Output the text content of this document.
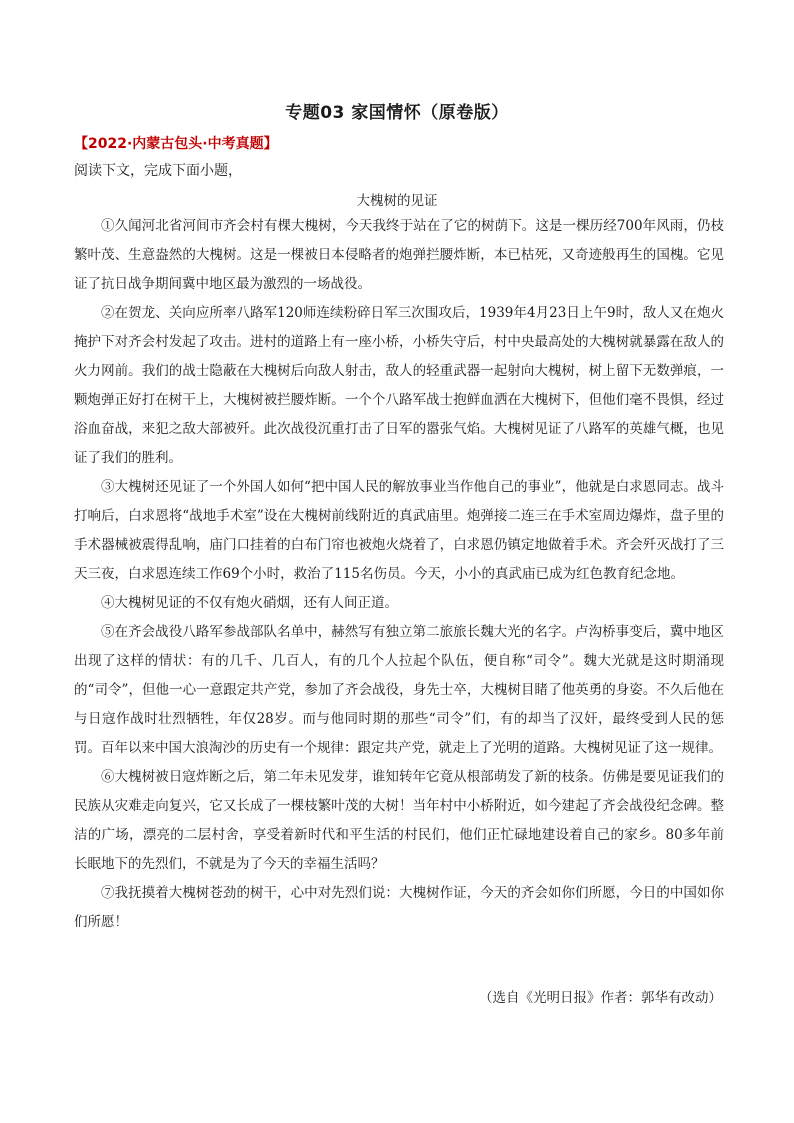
专题03 家国情怀（原卷版）
【2022·内蒙古包头·中考真题】
阅读下文，完成下面小题，
大槐树的见证

①久闻河北省河间市齐会村有棵大槐树，今天我终于站在了它的树荫下。这是一棵历经700年风雨，仍枝繁叶茂、生意盎然的大槐树。这是一棵被日本侵略者的炮弹拦腰炸断，本已枯死，又奇迹般再生的国槐。它见证了抗日战争期间冀中地区最为激烈的一场战役。

②在贺龙、关向应所率八路军120师连续粉碎日军三次围攻后，1939年4月23日上午9时，敌人又在炮火掩护下对齐会村发起了攻击。进村的道路上有一座小桥，小桥失守后，村中央最高处的大槐树就暴露在敌人的火力网前。我们的战士隐蔽在大槐树后向敌人射击，敌人的轻重武器一起射向大槐树，树上留下无数弹痕，一颗炮弹正好打在树干上，大槐树被拦腰炸断。一个个八路军战士抱鲜血洒在大槐树下，但他们毫不畏惧，经过浴血奋战，来犯之敌大部被歼。此次战役沉重打击了日军的嚣张气焰。大槐树见证了八路军的英雄气概，也见证了我们的胜利。

③大槐树还见证了一个外国人如何“把中国人民的解放事业当作他自己的事业”，他就是白求恩同志。战斗打响后，白求恩将“战地手术室”设在大槐树前线附近的真武庙里。炮弹接二连三在手术室周边爆炸，盘子里的手术器械被震得乱响，庙门口挂着的白布门帘也被炮火烧着了，白求恩仍镇定地做着手术。齐会歼灭战打了三天三夜，白求恩连续工作69个小时，救治了115名伤员。今天，小小的真武庙已成为红色教育纪念地。

④大槐树见证的不仅有炮火硝烟，还有人间正道。

⑤在齐会战役八路军参战部队名单中，赫然写有独立第二旅旅长魏大光的名字。卢沟桥事变后，冀中地区出现了这样的情状：有的几千、几百人，有的几个人拉起个队伍，便自称“司令”。魏大光就是这时期涌现的“司令”，但他一心一意跟定共产党，参加了齐会战役，身先士卒，大槐树目睹了他英勇的身姿。不久后他在与日寇作战时壮烈牺牲，年仅28岁。而与他同时期的那些“司令”们，有的却当了汉奸，最终受到人民的惩罚。百年以来中国大浪淘沙的历史有一个规律：跟定共产党，就走上了光明的道路。大槐树见证了这一规律。

⑥大槐树被日寇炸断之后，第二年未见发芽，谁知转年它竟从根部萌发了新的枝条。仿佛是要见证我们的民族从灾难走向复兴，它又长成了一棵枝繁叶茂的大树！当年村中小桥附近，如今建起了齐会战役纪念碑。整洁的广场，漂亮的二层村舍，享受着新时代和平生活的村民们，他们正忙碌地建设着自己的家乡。80多年前长眠地下的先烈们，不就是为了今天的幸福生活吗？

⑦我抚摸着大槐树苍劲的树干，心中对先烈们说：大槐树作证，今天的齐会如你们所愿，今日的中国如你们所愿！

（选自《光明日报》作者：郭华有改动）
